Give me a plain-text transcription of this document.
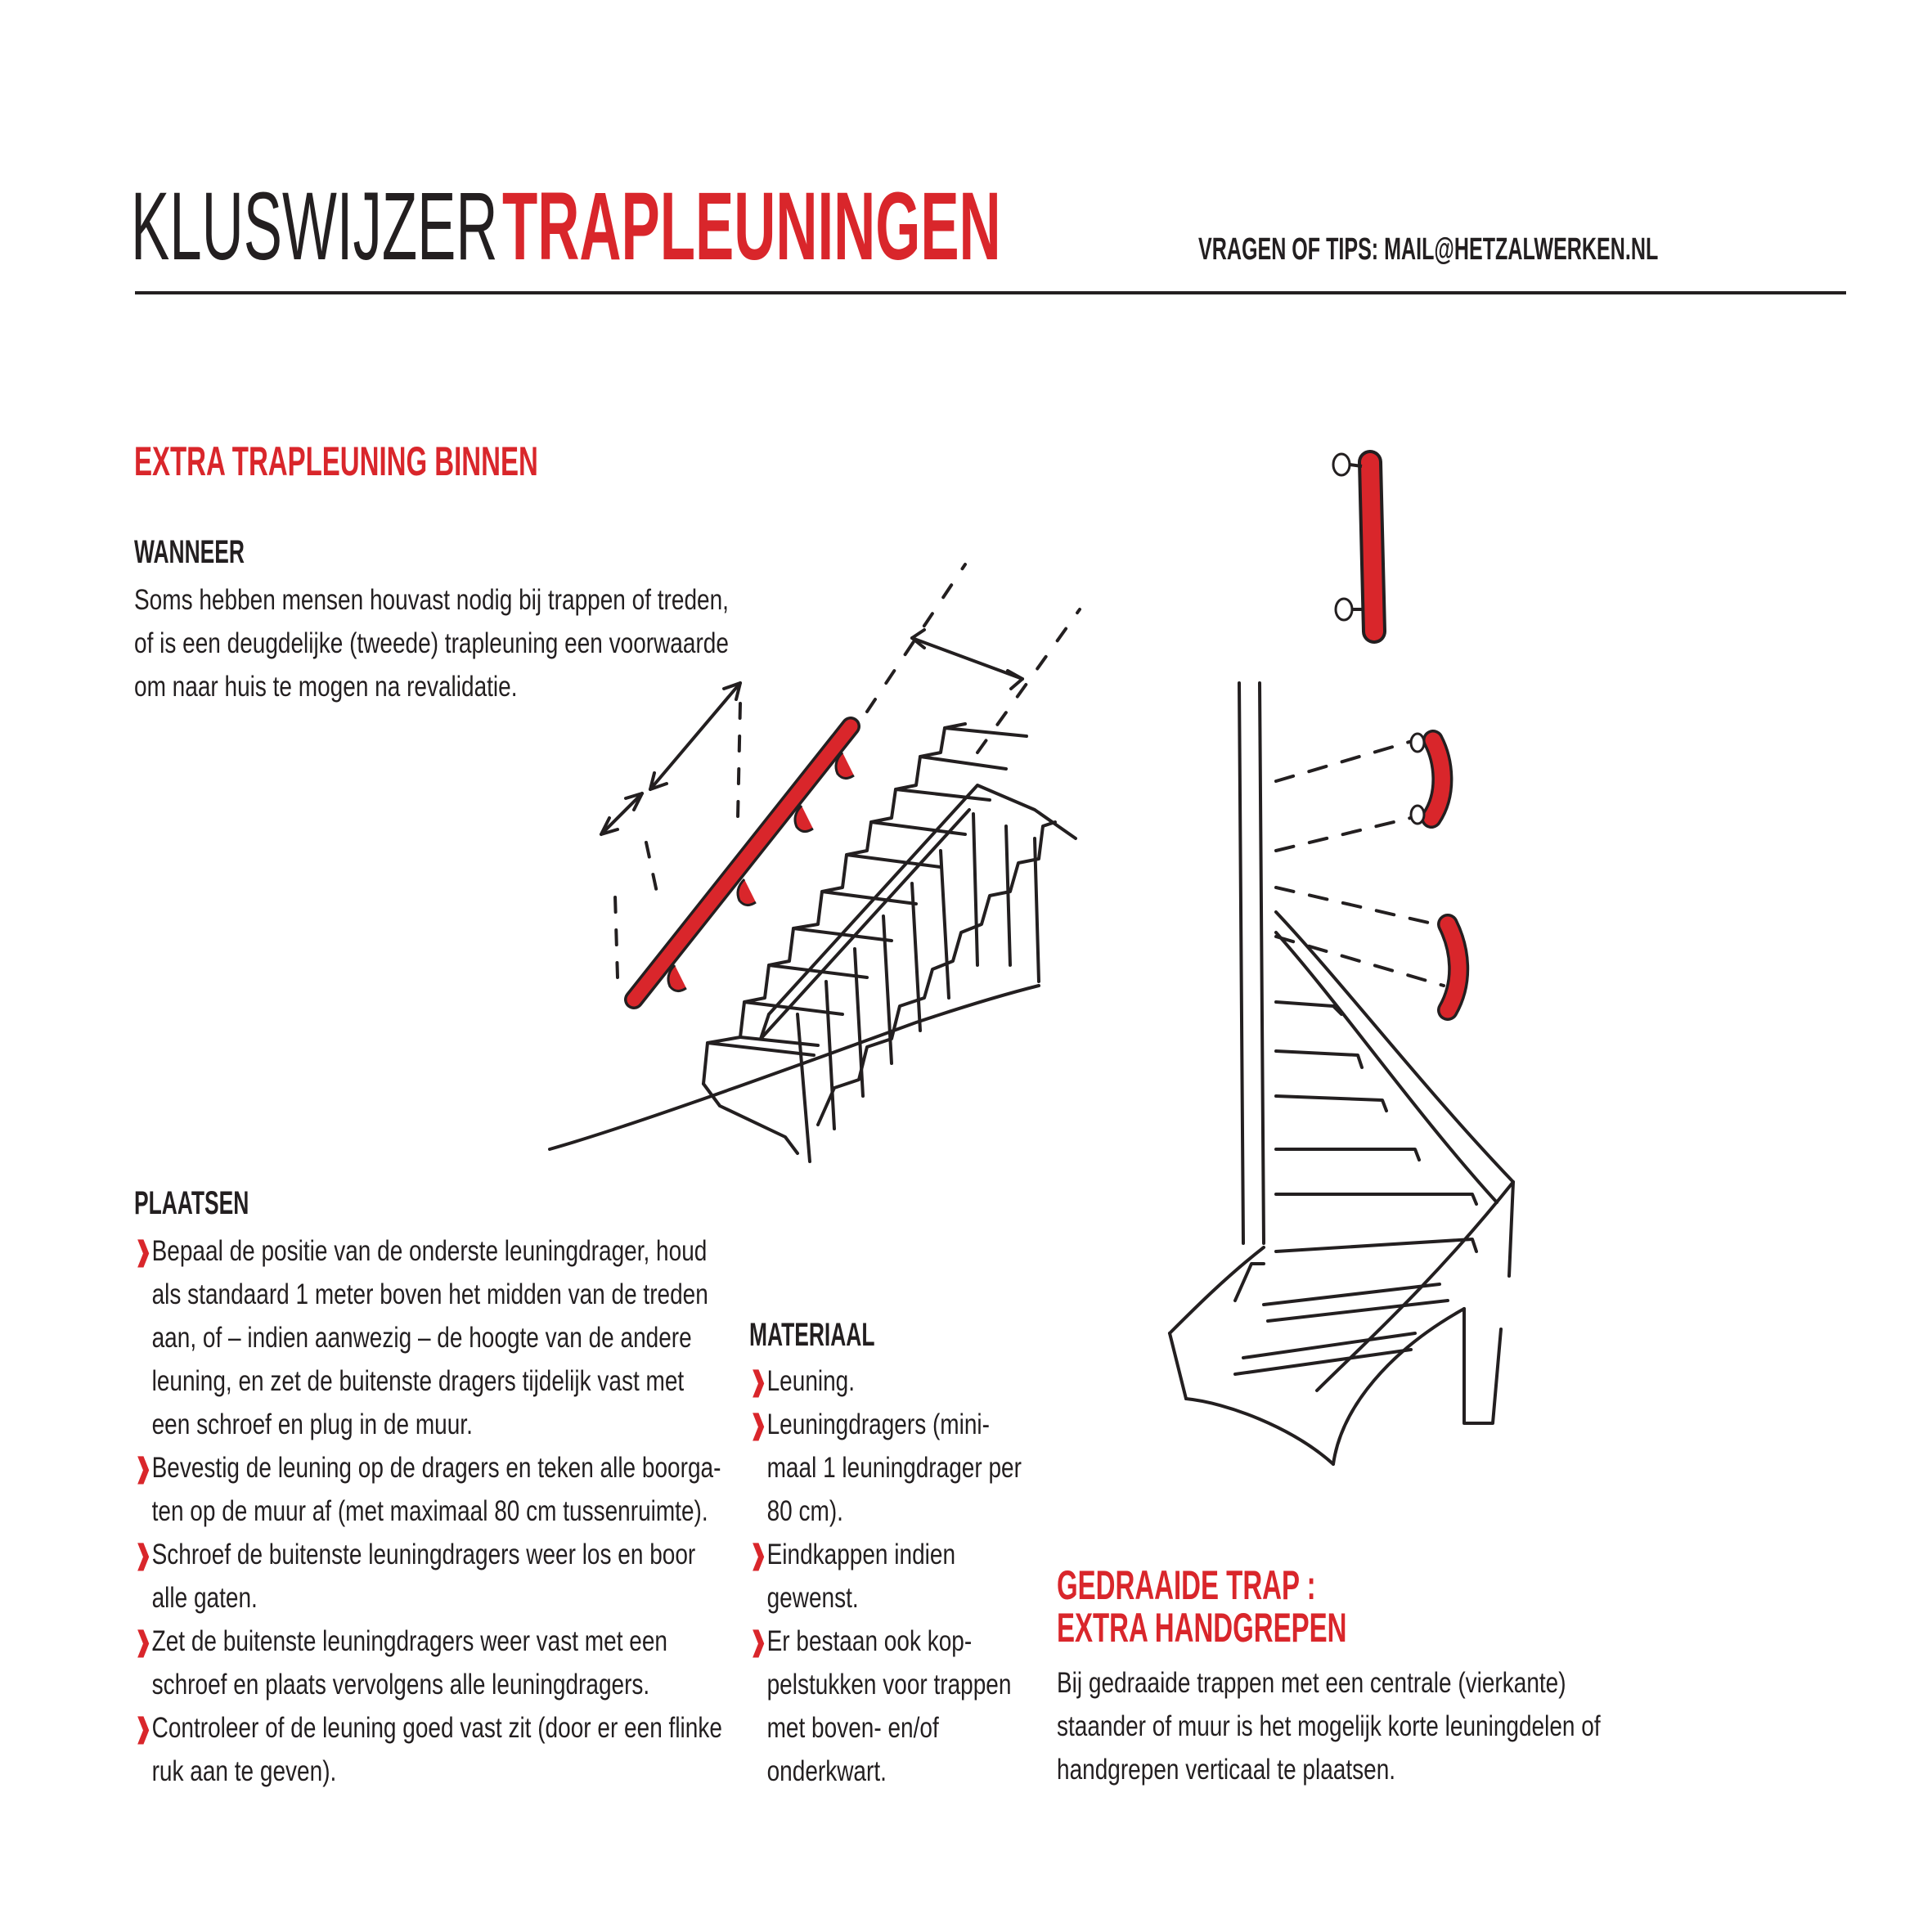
KLUSWIJZERTRAPLEUNINGEN	VRAGEN OF TIPS: MAIL@HETZALWERKEN.NL
EXTRA TRAPLEUNING BINNEN
WANNEER
Soms hebben mensen houvast nodig bij trappen of treden,
of is een deugdelijke (tweede) trapleuning een voorwaarde
om naar huis te mogen na revalidatie.
PLAATSEN
❱ Bepaal de positie van de onderste leuningdrager, houd
als standaard 1 meter boven het midden van de treden
aan, of – indien aanwezig – de hoogte van de andere
leuning, en zet de buitenste dragers tijdelijk vast met
een schroef en plug in de muur.
❱ Bevestig de leuning op de dragers en teken alle boorga-
ten op de muur af (met maximaal 80 cm tussenruimte).
❱ Schroef de buitenste leuningdragers weer los en boor
alle gaten.
❱ Zet de buitenste leuningdragers weer vast met een
schroef en plaats vervolgens alle leuningdragers.
❱ Controleer of de leuning goed vast zit (door er een flinke
ruk aan te geven).
MATERIAAL
❱ Leuning.
❱ Leuningdragers (mini-
maal 1 leuningdrager per
80 cm).
❱ Eindkappen indien
gewenst.
❱ Er bestaan ook kop-
pelstukken voor trappen
met boven- en/of
onderkwart.
GEDRAAIDE TRAP :
EXTRA HANDGREPEN
Bij gedraaide trappen met een centrale (vierkante)
staander of muur is het mogelijk korte leuningdelen of
handgrepen verticaal te plaatsen.
